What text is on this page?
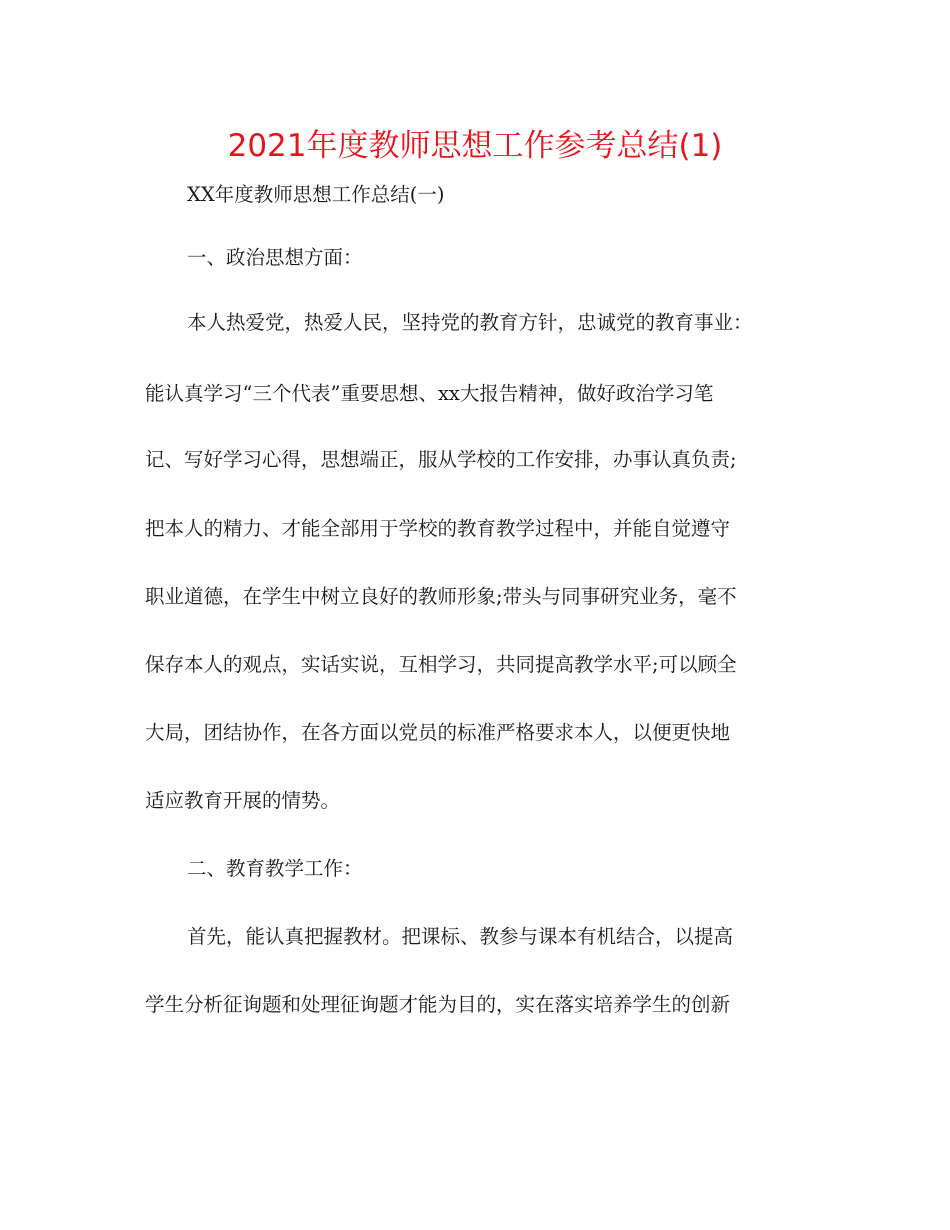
2021年度教师思想工作参考总结(1)
XX年度教师思想工作总结(一)
一、政治思想方面：
本人热爱党，热爱人民，坚持党的教育方针，忠诚党的教育事业：
能认真学习“三个代表”重要思想、xx大报告精神，做好政治学习笔
记、写好学习心得，思想端正，服从学校的工作安排，办事认真负责;
把本人的精力、才能全部用于学校的教育教学过程中，并能自觉遵守
职业道德，在学生中树立良好的教师形象;带头与同事研究业务，毫不
保存本人的观点，实话实说，互相学习，共同提高教学水平;可以顾全
大局，团结协作，在各方面以党员的标准严格要求本人，以便更快地
适应教育开展的情势。
二、教育教学工作：
首先，能认真把握教材。把课标、教参与课本有机结合，以提高
学生分析征询题和处理征询题才能为目的，实在落实培养学生的创新
